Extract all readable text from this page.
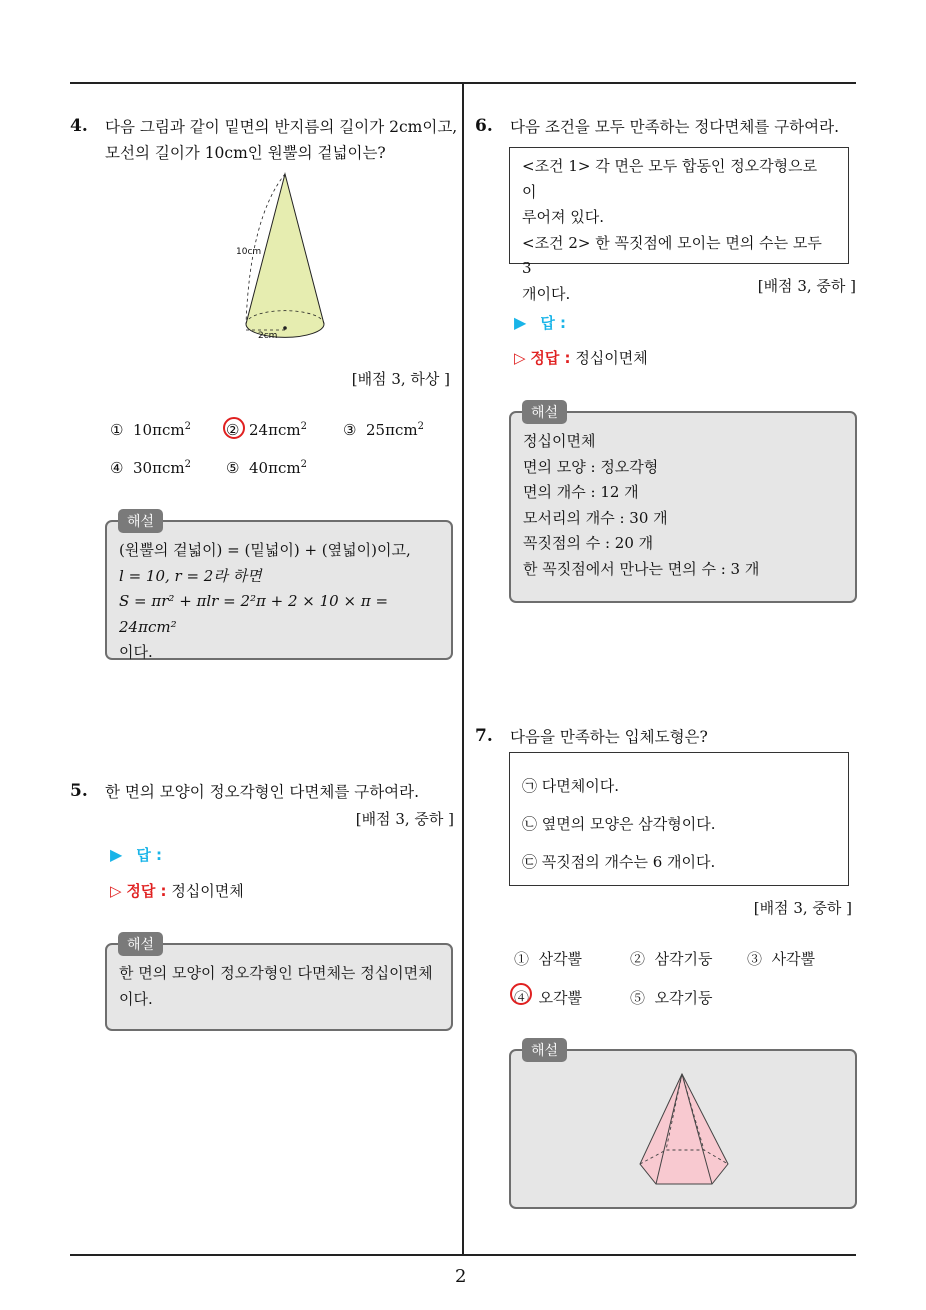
2
4. 다음 그림과 같이 밑면의 반지름의 길이가 2cm이고,
모선의 길이가 10cm인 원뿔의 겉넓이는?
10cm
2cm
[배점 3, 하상 ]
① 10πcm$^2$ ② 24πcm$^2$ ③ 25πcm$^2$
④ 30πcm$^2$ ⑤ 40πcm$^2$
(원뿔의 겉넓이) = (밑넓이) + (옆넓이)이고,
l = 10, r = 2라 하면
S = πr² + πlr = 2²π + 2 × 10 × π = 24πcm²
이다.
해설
5. 한 면의 모양이 정오각형인 다면체를 구하여라.
[배점 3, 중하 ]
▶ 답 :
▷ 정답 : 정십이면체
한 면의 모양이 정오각형인 다면체는 정십이면체
이다.
해설
6. 다음 조건을 모두 만족하는 정다면체를 구하여라.
<조건 1> 각 면은 모두 합동인 정오각형으로 이
루어져 있다.
<조건 2> 한 꼭짓점에 모이는 면의 수는 모두 3
개이다.	[배점 3, 중하 ]
▶ 답 :
▷ 정답 : 정십이면체
정십이면체
면의 모양 : 정오각형
면의 개수 : 12 개
모서리의 개수 : 30 개
꼭짓점의 수 : 20 개
한 꼭짓점에서 만나는 면의 수 : 3 개
해설
7. 다음을 만족하는 입체도형은?
㉠ 다면체이다.
㉡ 옆면의 모양은 삼각형이다.
㉢ 꼭짓점의 개수는 6 개이다.
[배점 3, 중하 ]
① 삼각뿔	② 삼각기둥 ③ 사각뿔
④ 오각뿔	⑤ 오각기둥
해설
